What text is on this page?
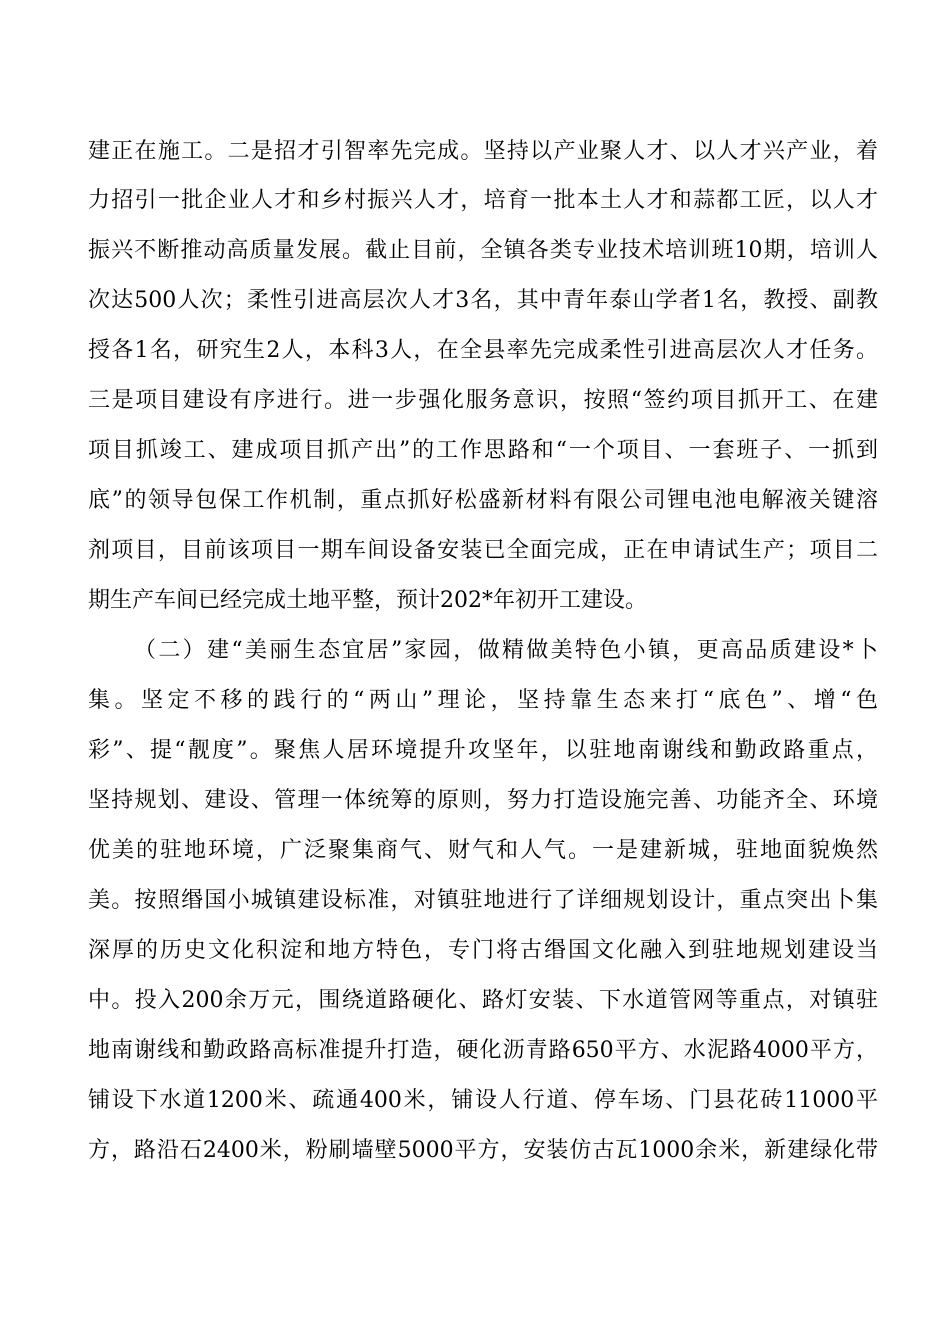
建正在施工。二是招才引智率先完成。坚持以产业聚人才、以人才兴产业，着
力招引一批企业人才和乡村振兴人才，培育一批本土人才和蒜都工匠，以人才
振兴不断推动高质量发展。截止目前，全镇各类专业技术培训班10期，培训人
次达500人次；柔性引进高层次人才3名，其中青年泰山学者1名，教授、副教
授各1名，研究生2人，本科3人，在全县率先完成柔性引进高层次人才任务。
三是项目建设有序进行。进一步强化服务意识，按照“签约项目抓开工、在建
项目抓竣工、建成项目抓产出”的工作思路和“一个项目、一套班子、一抓到
底”的领导包保工作机制，重点抓好松盛新材料有限公司锂电池电解液关键溶
剂项目，目前该项目一期车间设备安装已全面完成，正在申请试生产；项目二
期生产车间已经完成土地平整，预计202*年初开工建设。
（二）建“美丽生态宜居”家园，做精做美特色小镇，更高品质建设*卜
集。坚定不移的践行的“两山”理论，坚持靠生态来打“底色”、增“色
彩”、提“靓度”。聚焦人居环境提升攻坚年，以驻地南谢线和勤政路重点，
坚持规划、建设、管理一体统筹的原则，努力打造设施完善、功能齐全、环境
优美的驻地环境，广泛聚集商气、财气和人气。一是建新城，驻地面貌焕然
美。按照缗国小城镇建设标准，对镇驻地进行了详细规划设计，重点突出卜集
深厚的历史文化积淀和地方特色，专门将古缗国文化融入到驻地规划建设当
中。投入200余万元，围绕道路硬化、路灯安装、下水道管网等重点，对镇驻
地南谢线和勤政路高标准提升打造，硬化沥青路650平方、水泥路4000平方，
铺设下水道1200米、疏通400米，铺设人行道、停车场、门县花砖11000平
方，路沿石2400米，粉刷墙壁5000平方，安装仿古瓦1000余米，新建绿化带
